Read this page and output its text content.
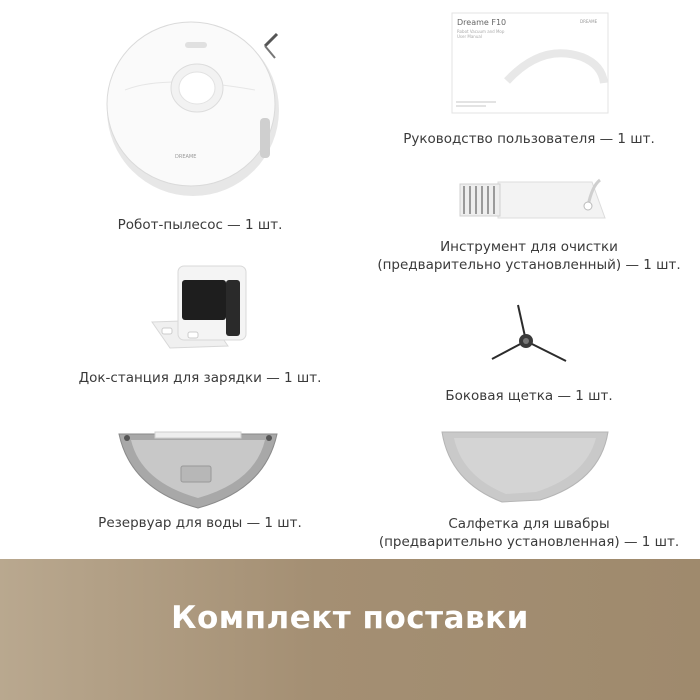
DREAME
Робот-пылесос — 1 шт.
Dreame F10	DREAME
Robot Vacuum and Mop
User Manual
Руководство пользователя — 1 шт.
Инструмент для очистки
(предварительно установленный) — 1 шт.
Док-станция для зарядки — 1 шт.
Боковая щетка — 1 шт.
Резервуар для воды — 1 шт.	Салфетка для швабры
(предварительно установленная) — 1 шт.
Комплект поставки
